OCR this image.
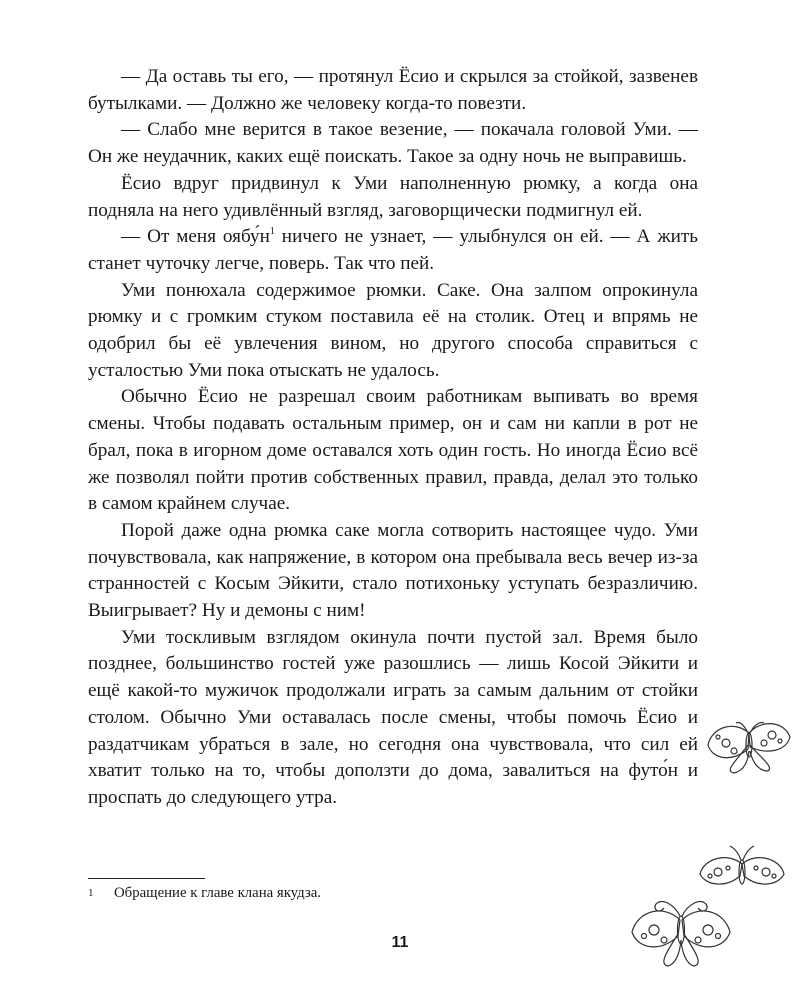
— Да оставь ты его, — протянул Ёсио и скрылся за стойкой, зазвенев бутылками. — Должно же человеку когда-то повезти.

— Слабо мне верится в такое везение, — покачала головой Уми. — Он же неудачник, каких ещё поискать. Такое за одну ночь не выправишь.

Ёсио вдруг придвинул к Уми наполненную рюмку, а когда она подняла на него удивлённый взгляд, заговорщически подмигнул ей.

— От меня $оябу́н^1$ ничего не узнает, — улыбнулся он ей. — А жить станет чуточку легче, поверь. Так что пей.

Уми понюхала содержимое рюмки. Саке. Она залпом опрокинула рюмку и с громким стуком поставила её на столик. Отец и впрямь не одобрил бы её увлечения вином, но другого способа справиться с усталостью Уми пока отыскать не удалось.

Обычно Ёсио не разрешал своим работникам выпивать во время смены. Чтобы подавать остальным пример, он и сам ни капли в рот не брал, пока в игорном доме оставался хоть один гость. Но иногда Ёсио всё же позволял пойти против собственных правил, правда, делал это только в самом крайнем случае.

Порой даже одна рюмка саке могла сотворить настоящее чудо. Уми почувствовала, как напряжение, в котором она пребывала весь вечер из-за странностей с Косым Эйкити, стало потихоньку уступать безразличию. Выигрывает? Ну и демоны с ним!

Уми тоскливым взглядом окинула почти пустой зал. Время было позднее, большинство гостей уже разошлись — лишь Косой Эйкити и ещё какой-то мужичок продолжали играть за самым дальним от стойки столом. Обычно Уми оставалась после смены, чтобы помочь Ёсио и раздатчикам убраться в зале, но сегодня она чувствовала, что сил ей хватит только на то, чтобы доползти до дома, завалиться на футо́н и проспать до следующего утра.

1 Обращение к главе клана якудза.
11
